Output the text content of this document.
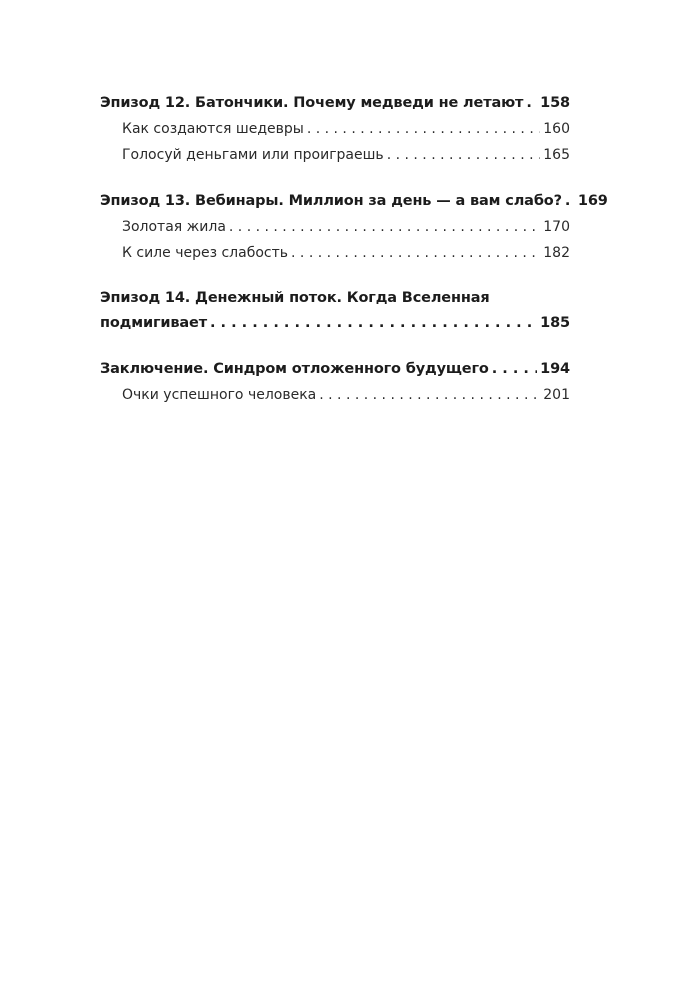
Эпизод 12. Батончики. Почему медведи не летают . . . 158
Как создаются шедевры . . .	160
Голосуй деньгами или проиграешь . . .	165
Эпизод 13. Вебинары. Миллион за день — а вам слабо? . . . 169
Золотая жила . . .	170
К силе через слабость . . .	182
Эпизод 14. Денежный поток. Когда Вселенная
подмигивает . . .	185
Заключение. Синдром отложенного будущего . . .	194
Очки успешного человека . . .	201
